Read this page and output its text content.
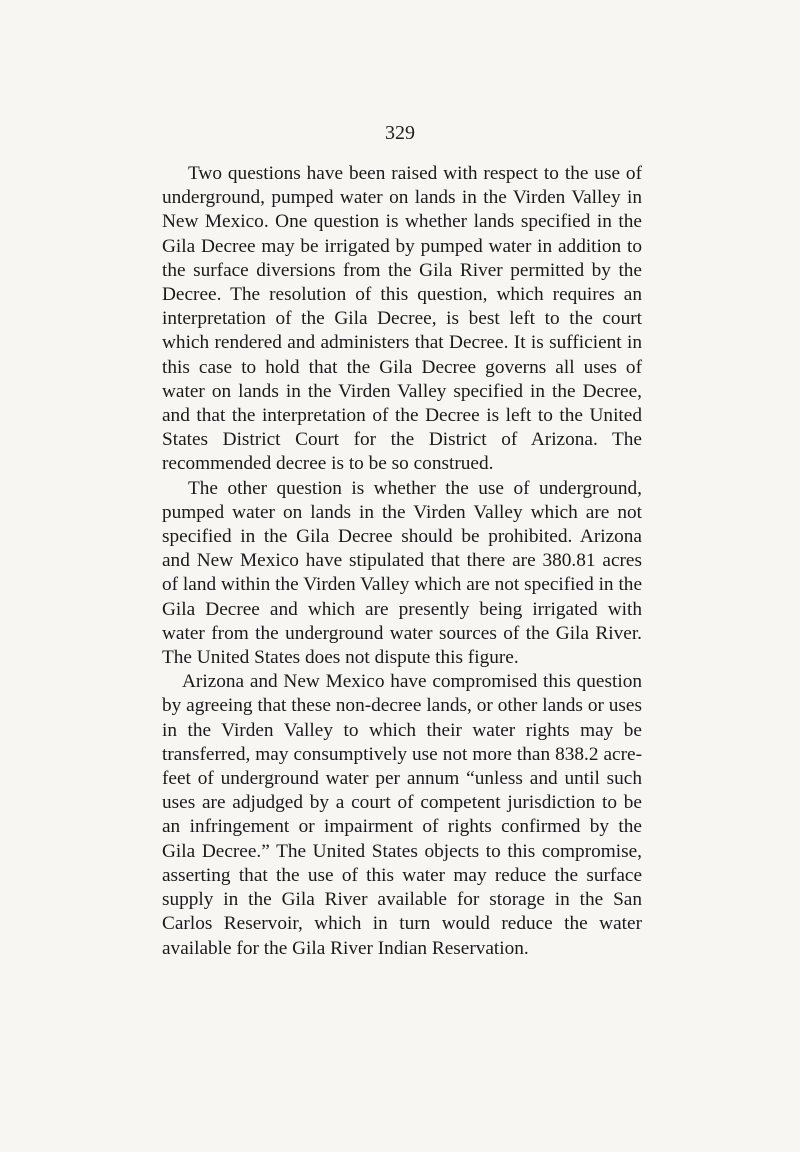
329

Two questions have been raised with respect to the use of underground, pumped water on lands in the Virden Valley in New Mexico. One question is whether lands specified in the Gila Decree may be irrigated by pumped water in addition to the surface diversions from the Gila River permitted by the Decree. The resolution of this question, which requires an interpretation of the Gila Decree, is best left to the court which rendered and administers that Decree. It is sufficient in this case to hold that the Gila Decree governs all uses of water on lands in the Virden Valley specified in the Decree, and that the interpretation of the Decree is left to the United States District Court for the District of Arizona. The recommended decree is to be so construed.

The other question is whether the use of underground, pumped water on lands in the Virden Valley which are not specified in the Gila Decree should be prohibited. Arizona and New Mexico have stipulated that there are 380.81 acres of land within the Virden Valley which are not specified in the Gila Decree and which are presently being irrigated with water from the underground water sources of the Gila River. The United States does not dispute this figure.

Arizona and New Mexico have compromised this question by agreeing that these non-decree lands, or other lands or uses in the Virden Valley to which their water rights may be transferred, may consumptively use not more than 838.2 acre-feet of underground water per annum “unless and until such uses are adjudged by a court of competent jurisdiction to be an infringement or impairment of rights confirmed by the Gila Decree.” The United States objects to this compromise, asserting that the use of this water may reduce the surface supply in the Gila River available for storage in the San Carlos Reservoir, which in turn would reduce the water available for the Gila River Indian Reservation.
